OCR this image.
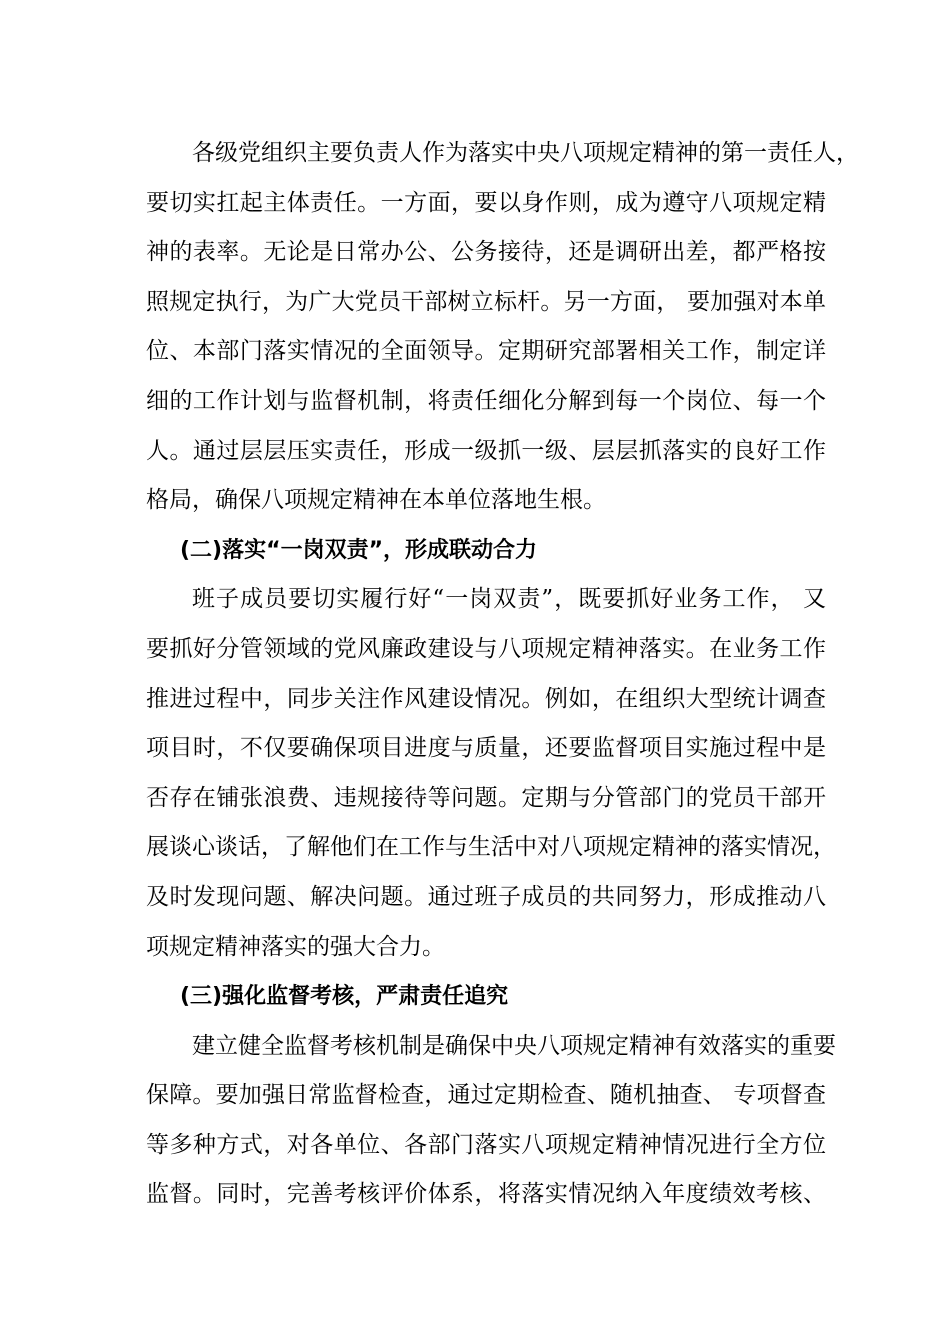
各级党组织主要负责人作为落实中央八项规定精神的第一责任人，
要切实扛起主体责任。一方面，要以身作则，成为遵守八项规定精
神的表率。无论是日常办公、公务接待，还是调研出差，都严格按
照规定执行，为广大党员干部树立标杆。另一方面， 要加强对本单
位、本部门落实情况的全面领导。定期研究部署相关工作，制定详
细的工作计划与监督机制，将责任细化分解到每一个岗位、每一个
人。通过层层压实责任，形成一级抓一级、层层抓落实的良好工作
格局，确保八项规定精神在本单位落地生根。
(二)落实“一岗双责”，形成联动合力
班子成员要切实履行好“一岗双责”，既要抓好业务工作， 又
要抓好分管领域的党风廉政建设与八项规定精神落实。在业务工作
推进过程中，同步关注作风建设情况。例如，在组织大型统计调查
项目时，不仅要确保项目进度与质量，还要监督项目实施过程中是
否存在铺张浪费、违规接待等问题。定期与分管部门的党员干部开
展谈心谈话，了解他们在工作与生活中对八项规定精神的落实情况，
及时发现问题、解决问题。通过班子成员的共同努力，形成推动八
项规定精神落实的强大合力。
(三)强化监督考核，严肃责任追究
建立健全监督考核机制是确保中央八项规定精神有效落实的重要
保障。要加强日常监督检查，通过定期检查、随机抽查、 专项督查
等多种方式，对各单位、各部门落实八项规定精神情况进行全方位
监督。同时，完善考核评价体系，将落实情况纳入年度绩效考核、
